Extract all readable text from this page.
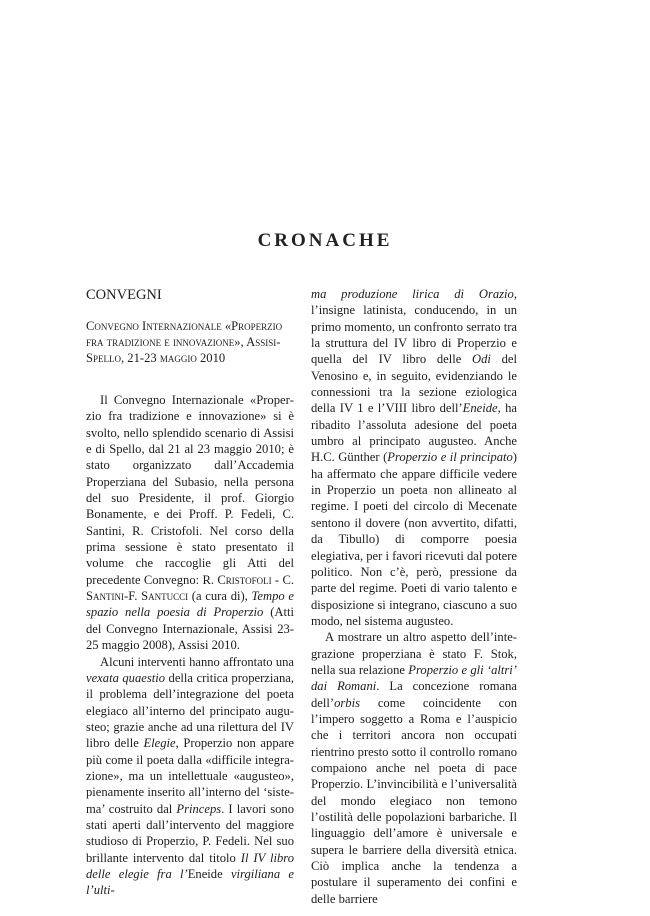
CRONACHE
CONVEGNI
Convegno Internazionale «Properzio fra tradizione e innovazione», Assisi-Spello, 21-23 maggio 2010

Il Convegno Internazionale «Properzio fra tradizione e innovazione» si è svolto, nello splendido scenario di Assisi e di Spello, dal 21 al 23 maggio 2010; è stato organizzato dall’Accademia Properziana del Subasio, nella persona del suo Presidente, il prof. Giorgio Bonamente, e dei Proff. P. Fedeli, C. Santini, R. Cristofoli. Nel corso della prima sessione è stato presentato il volume che raccoglie gli Atti del precedente Convegno: R. Cristofoli - C. Santini-F. Santucci (a cura di), Tempo e spazio nella poesia di Properzio (Atti del Convegno Internazionale, Assisi 23-25 maggio 2008), Assisi 2010.

Alcuni interventi hanno affrontato una vexata quaestio della critica properziana, il problema dell’integrazione del poeta elegiaco all’interno del principato augusteo; grazie anche ad una rilettura del IV libro delle Elegie, Properzio non appare più come il poeta dalla «difficile integrazione», ma un intellettuale «augusteo», pienamente inserito all’interno del ‘sistema’ costruito dal Princeps. I lavori sono stati aperti dall’intervento del maggiore studioso di Properzio, P. Fedeli. Nel suo brillante intervento dal titolo Il IV libro delle elegie fra l’Eneide virgiliana e l’ulti-

ma produzione lirica di Orazio, l’insigne latinista, conducendo, in un primo momento, un confronto serrato tra la struttura del IV libro di Properzio e quella del IV libro delle Odi del Venosino e, in seguito, evidenziando le connessioni tra la sezione eziologica della IV 1 e l’VIII libro dell’Eneide, ha ribadito l’assoluta adesione del poeta umbro al principato augusteo. Anche H.C. Günther (Properzio e il principato) ha affermato che appare difficile vedere in Properzio un poeta non allineato al regime. I poeti del circolo di Mecenate sentono il dovere (non avvertito, difatti, da Tibullo) di comporre poesia elegiativa, per i favori ricevuti dal potere politico. Non c’è, però, pressione da parte del regime. Poeti di vario talento e disposizione si integrano, ciascuno a suo modo, nel sistema augusteo.

A mostrare un altro aspetto dell’integrazione properziana è stato F. Stok, nella sua relazione Properzio e gli ‘altri’ dai Romani. La concezione romana dell’orbis come coincidente con l’impero soggetto a Roma e l’auspicio che i territori ancora non occupati rientrino presto sotto il controllo romano compaiono anche nel poeta di pace Properzio. L’invincibilità e l’universalità del mondo elegiaco non temono l’ostilità delle popolazioni barbariche. Il linguaggio dell’amore è universale e supera le barriere della diversità etnica. Ciò implica anche la tendenza a postulare il superamento dei confini e delle barriere
